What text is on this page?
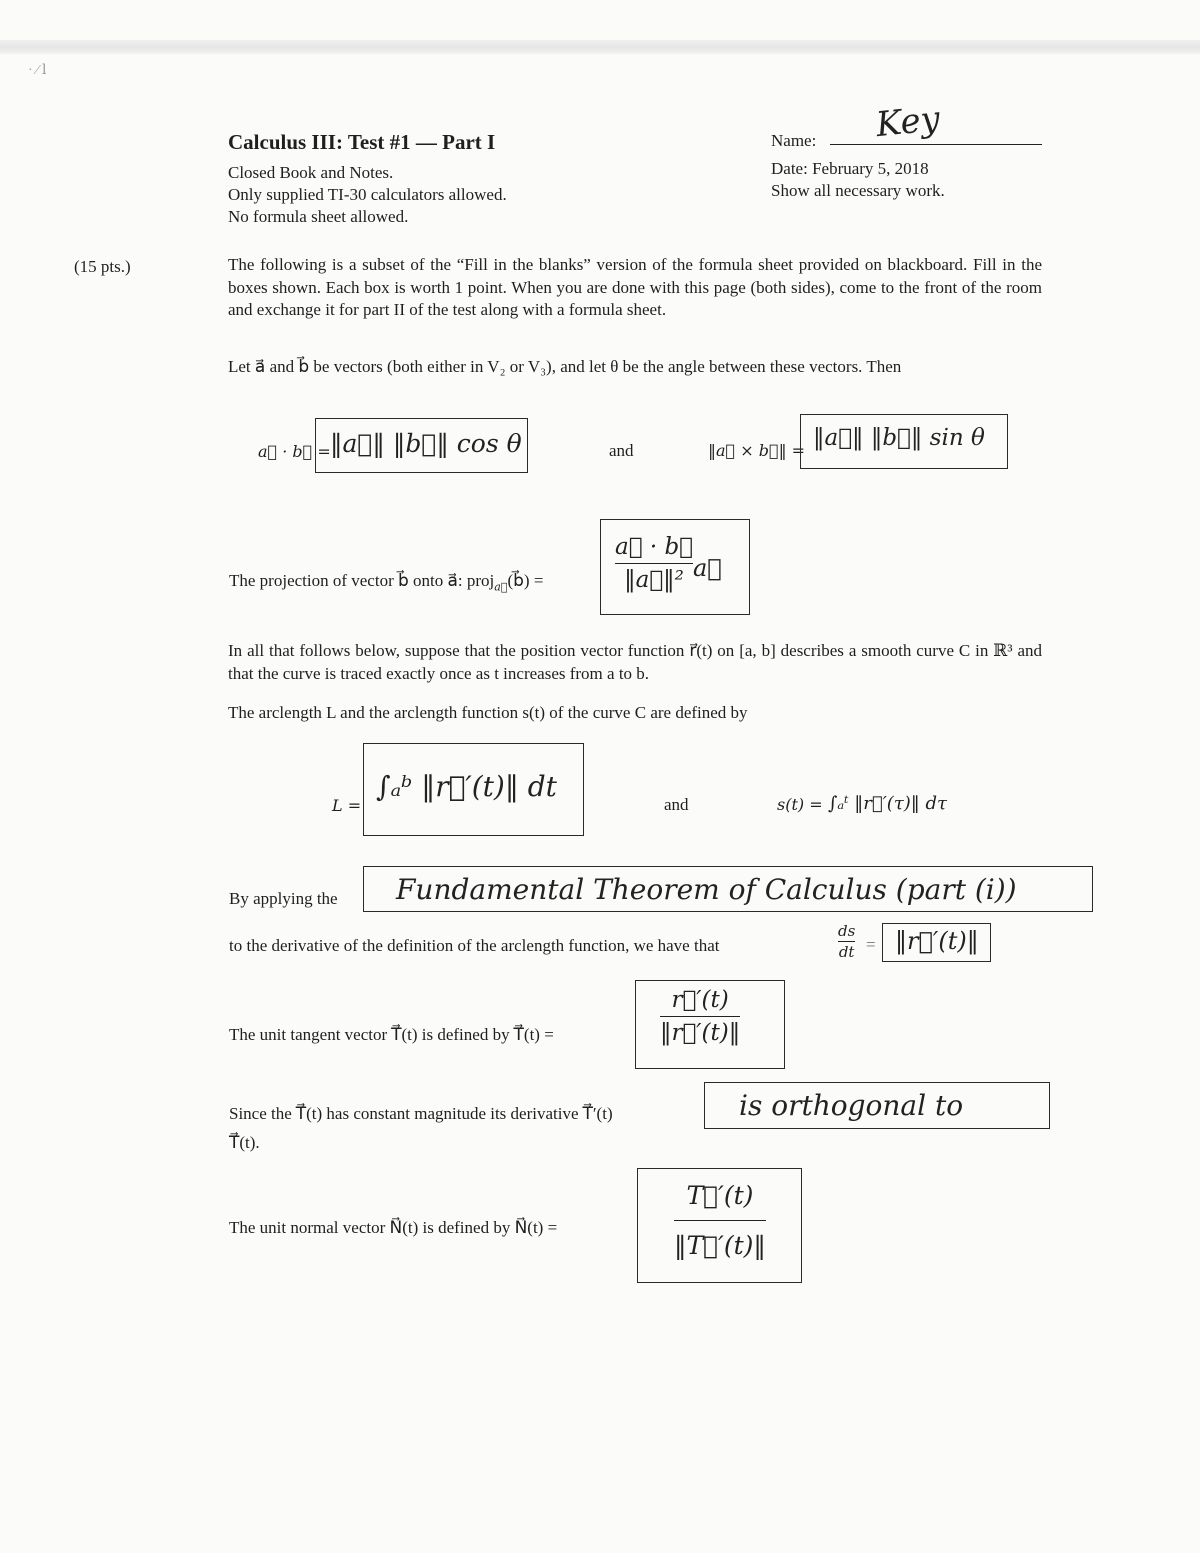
· ⁄ ⅼ
Calculus III: Test #1 — Part I
Closed Book and Notes.
Only supplied TI-30 calculators allowed.
No formula sheet allowed.
Name: Key
Date: February 5, 2018
Show all necessary work.
(15 pts.)	The following is a subset of the “Fill in the blanks” version of the formula sheet provided on blackboard. Fill in the boxes shown. Each box is worth 1 point. When you are done with this page (both sides), come to the front of the room and exchange it for part II of the test along with a formula sheet.
Let a⃗ and b⃗ be vectors (both either in V₂ or V₃), and let θ be the angle between these vectors. Then
a⃗ · b⃗ = ‖a⃗‖ ‖b⃗‖ cos θ	and	‖a⃗ × b⃗‖ = ‖a⃗‖ ‖b⃗‖ sin θ
The projection of vector b⃗ onto a⃗: proj$_{a⃗}$(b⃗) =
a⃗ · b⃗
‖a⃗‖² a⃗
In all that follows below, suppose that the position vector function r⃗(t) on [a, b] describes a smooth curve C in ℝ³ and that the curve is traced exactly once as t increases from a to b.
The arclength L and the arclength function s(t) of the curve C are defined by
L =
∫ₐᵇ ‖r⃗′(t)‖ dt
and	s(t) = ∫ₐᵗ ‖r⃗′(τ)‖ dτ
By applying the Fundamental Theorem of Calculus (part (i))
to the derivative of the definition of the arclength function, we have that
ds
dt = ‖r⃗′(t)‖
The unit tangent vector T⃗(t) is defined by T⃗(t) =
r⃗′(t)
‖r⃗′(t)‖
Since the T⃗(t) has constant magnitude its derivative T⃗′(t)	is orthogonal to
T⃗(t).
The unit normal vector N⃗(t) is defined by N⃗(t) =
T⃗′(t)
‖T⃗′(t)‖
